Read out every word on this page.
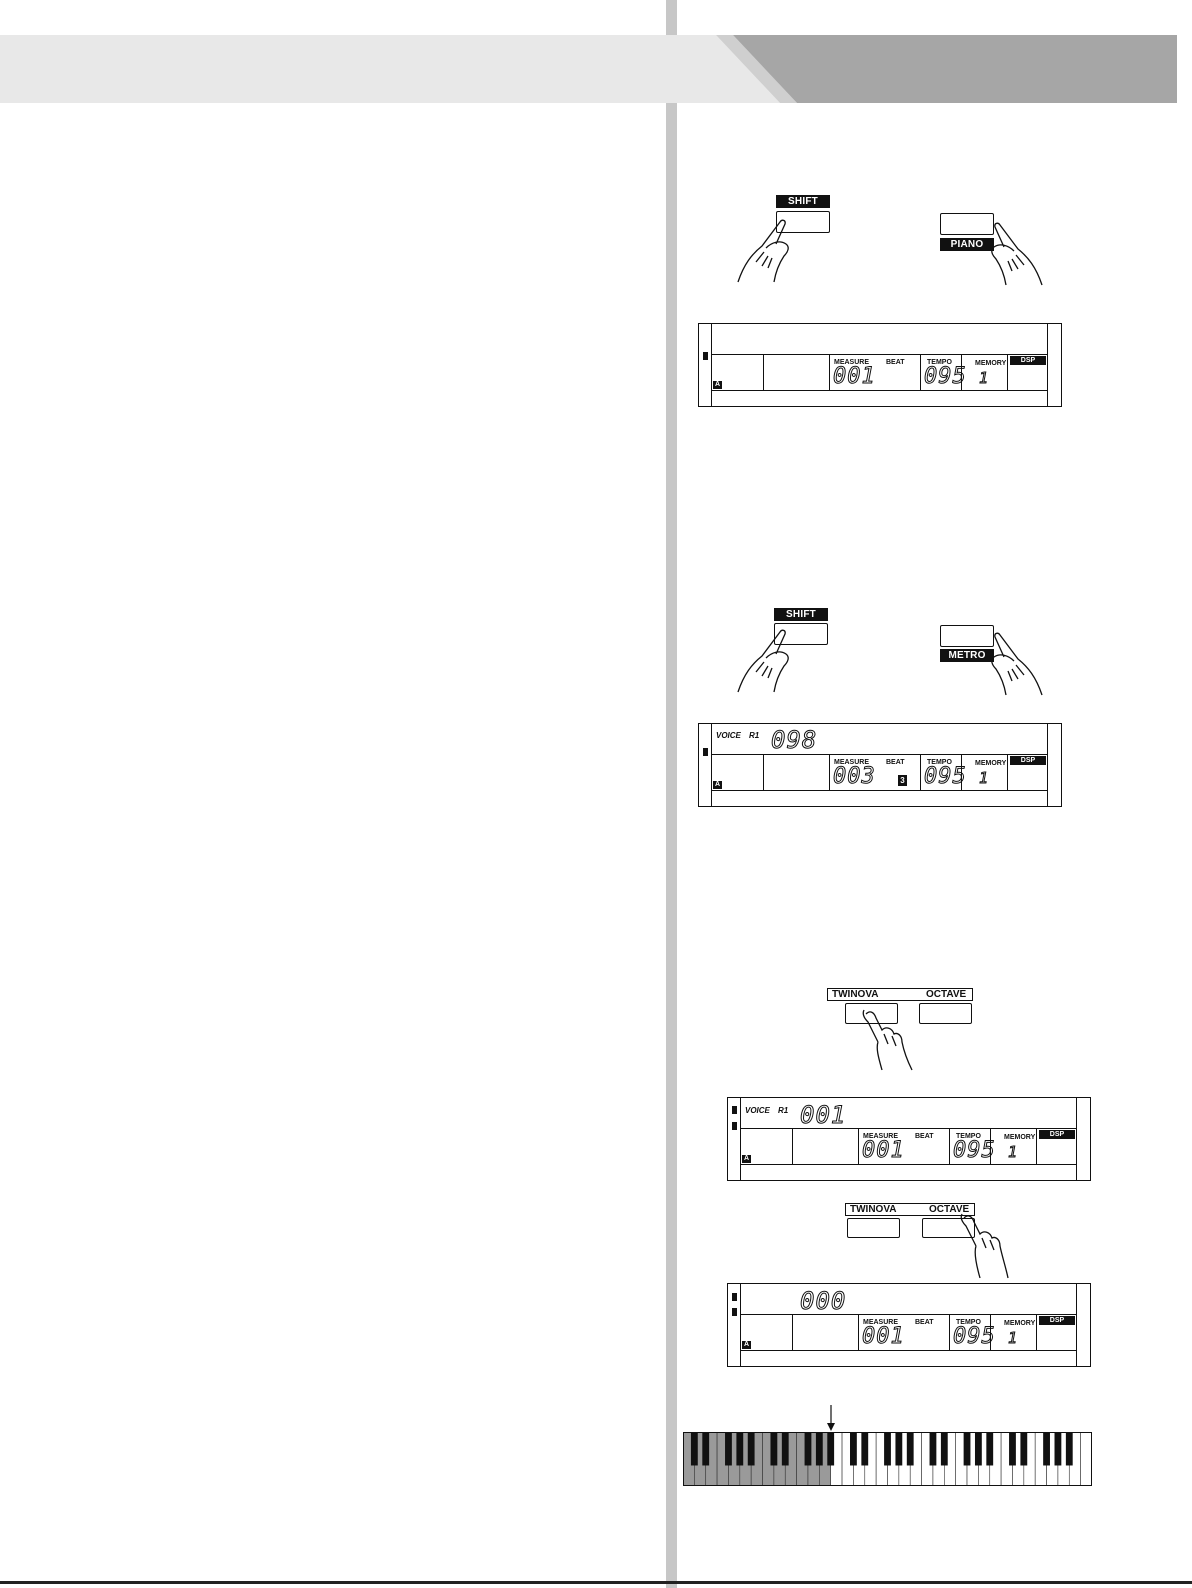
SHIFT
PIANO
A
MEASURE BEAT	TEMPO	MEMORY	DSP
001 095 1
SHIFT
METRO
VOICE R1 098
A
MEASURE BEAT	TEMPO	MEMORY	DSP
003	3 095 1
TWINOVA	OCTAVE
VOICE R1 001
A
MEASURE BEAT	TEMPO	MEMORY	DSP
001 095 1
TWINOVA	OCTAVE
000
A
MEASURE BEAT	TEMPO	MEMORY	DSP
001 095 1
